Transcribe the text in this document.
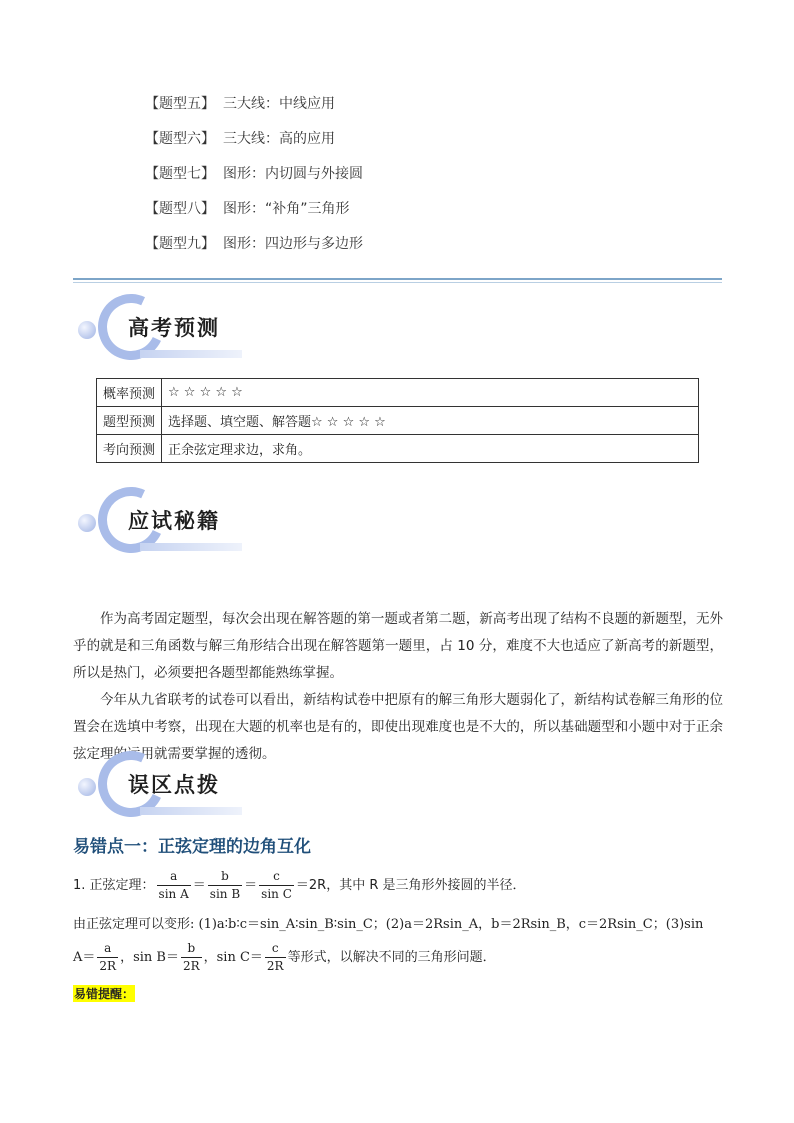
【题型五】 三大线：中线应用
【题型六】 三大线：高的应用
【题型七】 图形：内切圆与外接圆
【题型八】 图形：“补角”三角形
【题型九】 图形：四边形与多边形
高考预测
概率预测	☆ ☆ ☆ ☆ ☆
题型预测	选择题、填空题、解答题☆ ☆ ☆ ☆ ☆
考向预测	正余弦定理求边，求角。
应试秘籍

作为高考固定题型，每次会出现在解答题的第一题或者第二题，新高考出现了结构不良题的新题型，无外乎的就是和三角函数与解三角形结合出现在解答题第一题里，占 10 分，难度不大也适应了新高考的新题型，所以是热门，必须要把各题型都能熟练掌握。

今年从九省联考的试卷可以看出，新结构试卷中把原有的解三角形大题弱化了，新结构试卷解三角形的位置会在选填中考察，出现在大题的机率也是有的，即使出现难度也是不大的，所以基础题型和小题中对于正余弦定理的运用就需要掌握的透彻。

误区点拨
易错点一：正弦定理的边角互化
1. 正弦定理： $\frac{a}{\text{sin A}} = \frac{b}{\text{sin B}} = \frac{c}{\text{sin C}} =2R$，其中 R 是三角形外接圆的半径．
由正弦定理可以变形: (1)a∶b∶c＝sin_A∶sin_B∶sin_C；(2)a＝2Rsin_A，b＝2Rsin_B，c＝2Rsin_C；(3)sin
$A= \frac{a}{2R}$ ，$\sin B= \frac{b}{2R}$ ，$\sin C= \frac{c}{2R}$ 等形式，以解决不同的三角形问题．
易错提醒：
